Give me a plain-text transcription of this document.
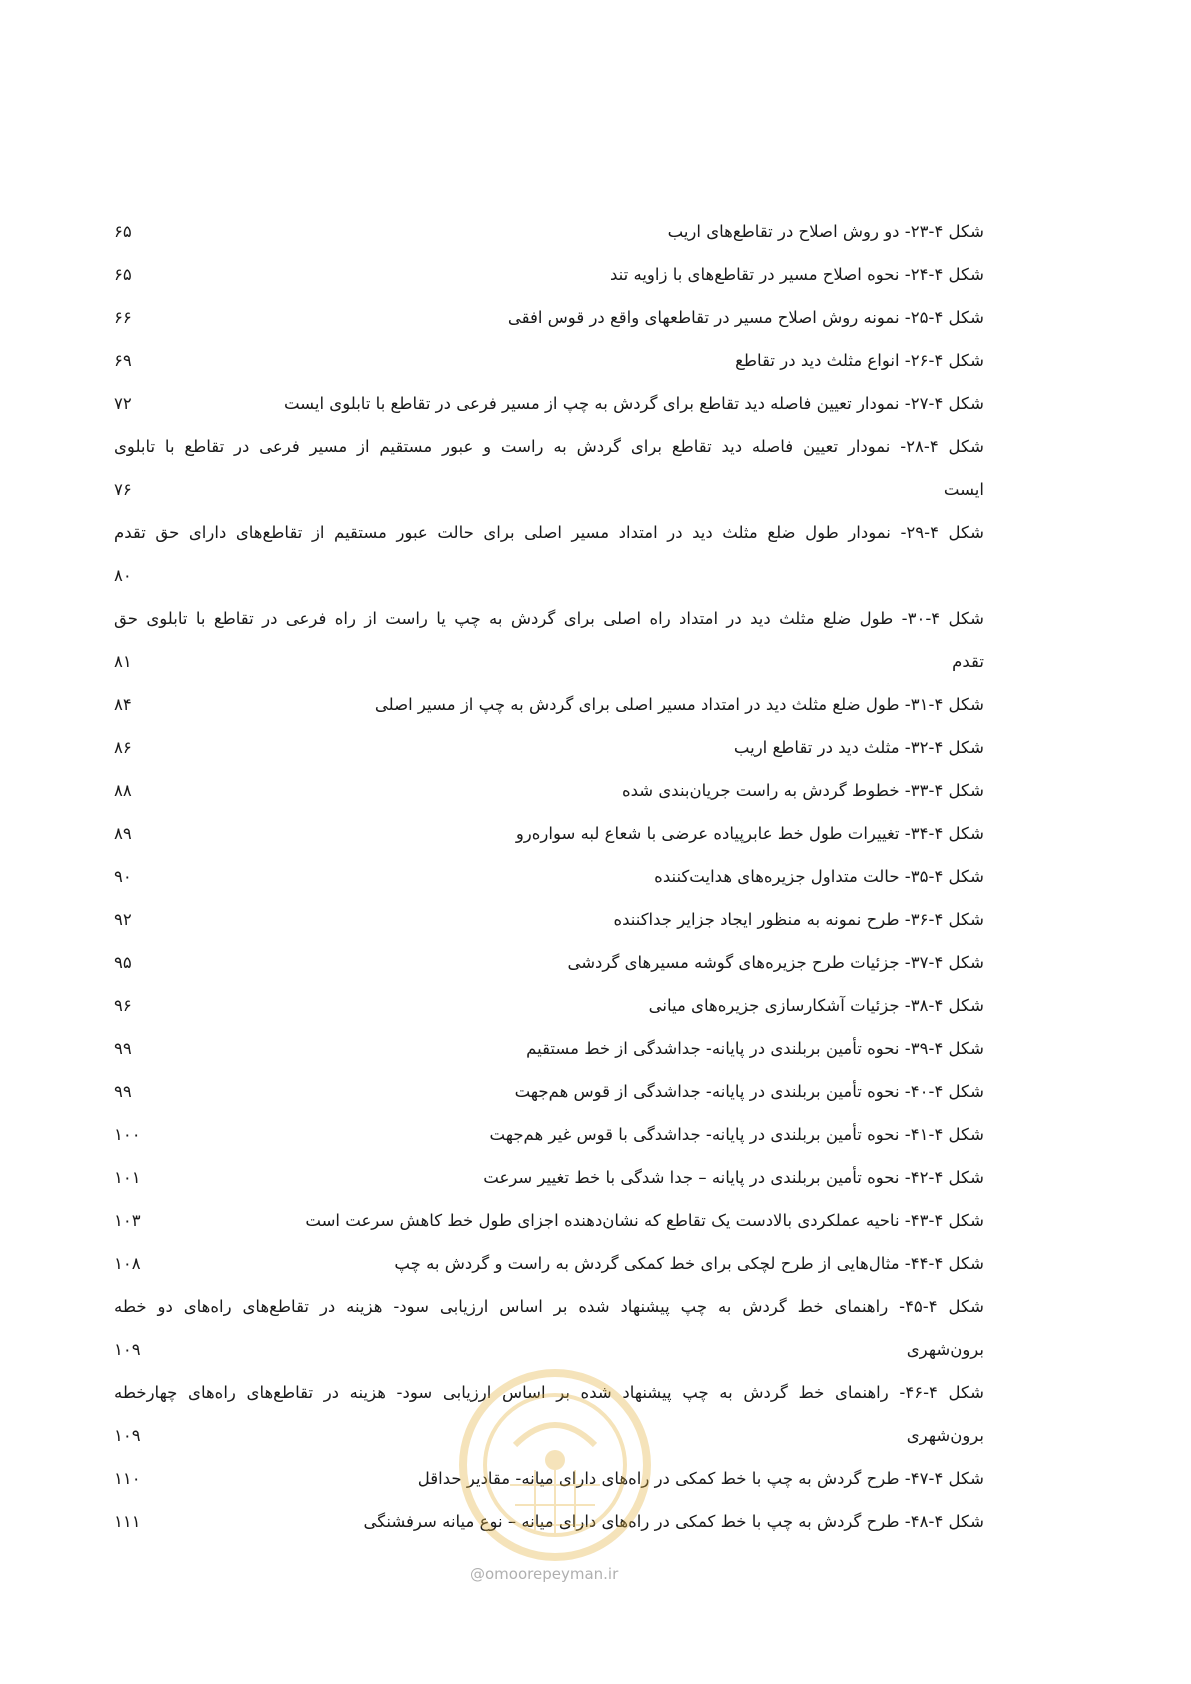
شکل ۴-۲۳- دو روش اصلاح در تقاطع‌های اریب
۶۵
شکل ۴-۲۴- نحوه اصلاح مسیر در تقاطع‌های با زاویه تند
۶۵
شکل ۴-۲۵- نمونه روش اصلاح مسیر در تقاطعهای واقع در قوس افقی
۶۶
شکل ۴-۲۶- انواع مثلث دید در تقاطع
۶۹
شکل ۴-۲۷- نمودار تعیین فاصله دید تقاطع برای گردش به چپ از مسیر فرعی در تقاطع با تابلوی ایست
۷۲
شکل ۴-۲۸- نمودار تعیین فاصله دید تقاطع برای گردش به راست و عبور مستقیم از مسیر فرعی در تقاطع با تابلوی
ایست
۷۶
شکل ۴-۲۹- نمودار طول ضلع مثلث دید در امتداد مسیر اصلی برای حالت عبور مستقیم از تقاطع‌های دارای حق تقدم
۸۰
شکل ۴-۳۰- طول ضلع مثلث دید در امتداد راه اصلی برای گردش به چپ یا راست از راه فرعی در تقاطع با تابلوی حق
تقدم
۸۱
شکل ۴-۳۱- طول ضلع مثلث دید در امتداد مسیر اصلی برای گردش به چپ از مسیر اصلی
۸۴
شکل ۴-۳۲- مثلث دید در تقاطع اریب
۸۶
شکل ۴-۳۳- خطوط گردش به راست جریان‌بندی شده
۸۸
شکل ۴-۳۴- تغییرات طول خط عابرپیاده عرضی با شعاع لبه سواره‌رو
۸۹
شکل ۴-۳۵- حالت متداول جزیره‌های هدایت‌کننده
۹۰
شکل ۴-۳۶- طرح نمونه به منظور ایجاد جزایر جداکننده
۹۲
شکل ۴-۳۷- جزئیات طرح جزیره‌های گوشه مسیرهای گردشی
۹۵
شکل ۴-۳۸- جزئیات آشکارسازی جزیره‌های میانی
۹۶
شکل ۴-۳۹- نحوه تأمین بربلندی در پایانه- جداشدگی از خط مستقیم
۹۹
شکل ۴-۴۰- نحوه تأمین بربلندی در پایانه- جداشدگی از قوس هم‌جهت
۹۹
شکل ۴-۴۱- نحوه تأمین بربلندی در پایانه- جداشدگی با قوس غیر هم‌جهت
۱۰۰
شکل ۴-۴۲- نحوه تأمین بربلندی در پایانه – جدا شدگی با خط تغییر سرعت
۱۰۱
شکل ۴-۴۳- ناحیه عملکردی بالادست یک تقاطع که نشان‌دهنده اجزای طول خط کاهش سرعت است
۱۰۳
شکل ۴-۴۴- مثال‌هایی از طرح لچکی برای خط کمکی گردش به راست و گردش به چپ
۱۰۸
شکل ۴-۴۵- راهنمای خط گردش به چپ پیشنهاد شده بر اساس ارزیابی سود- هزینه در تقاطع‌های راه‌های دو خطه
برون‌شهری
۱۰۹
شکل ۴-۴۶- راهنمای خط گردش به چپ پیشنهاد شده بر اساس ارزیابی سود- هزینه در تقاطع‌های راه‌های چهارخطه
برون‌شهری
۱۰۹
شکل ۴-۴۷- طرح گردش به چپ با خط کمکی در راه‌های دارای میانه- مقادیر حداقل
۱۱۰
شکل ۴-۴۸- طرح گردش به چپ با خط کمکی در راه‌های دارای میانه – نوع میانه سرفشنگی
۱۱۱
@omoorepeyman.ir
